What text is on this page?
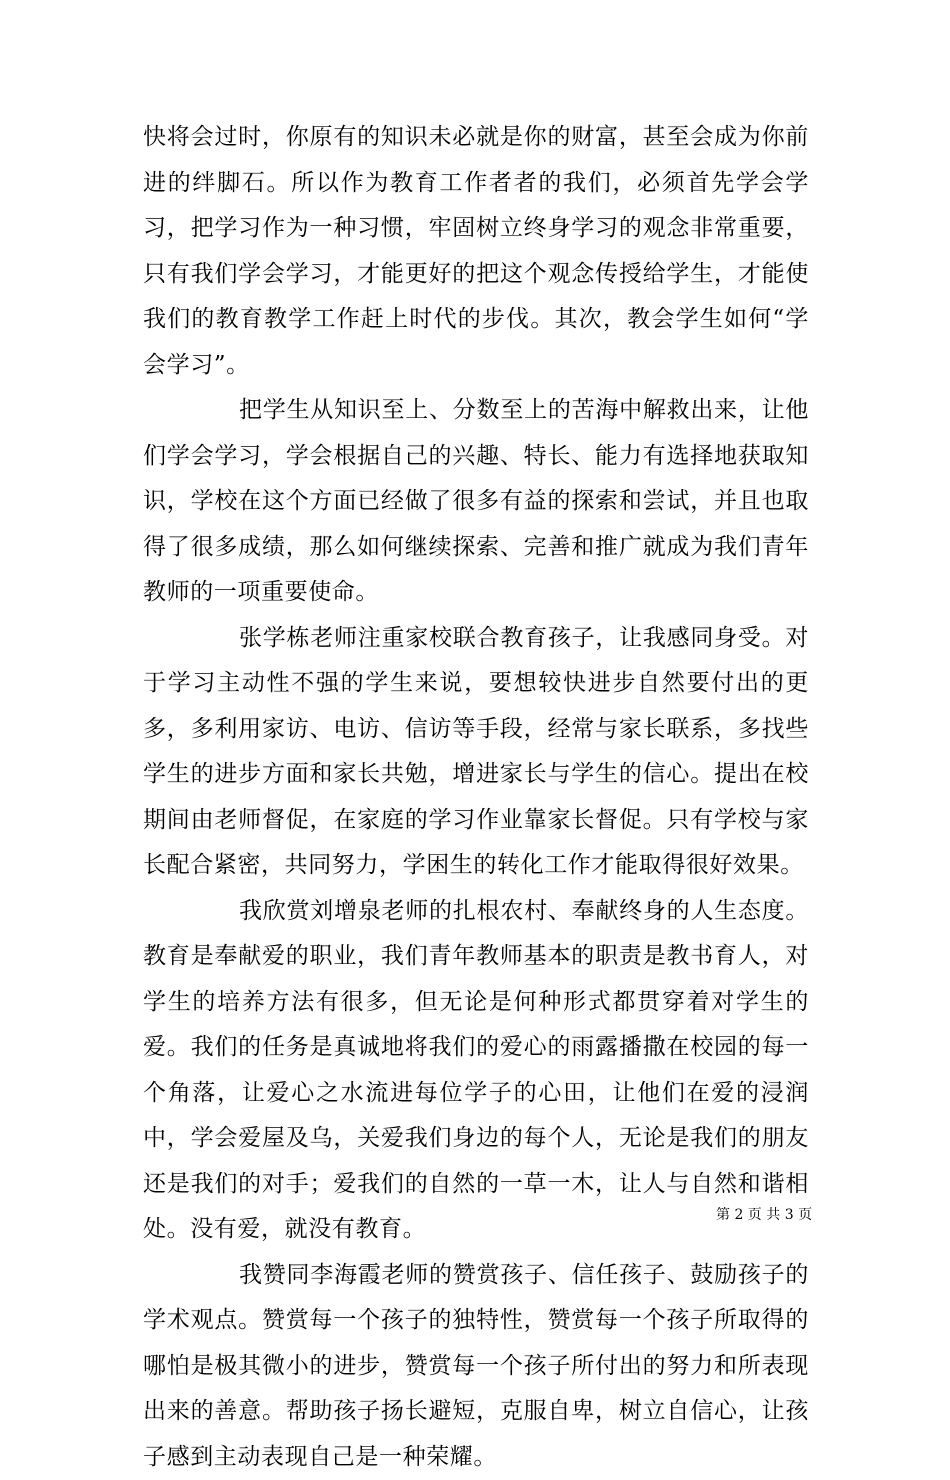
快将会过时，你原有的知识未必就是你的财富，甚至会成为你前进的绊脚石。所以作为教育工作者者的我们，必须首先学会学习，把学习作为一种习惯，牢固树立终身学习的观念非常重要，只有我们学会学习，才能更好的把这个观念传授给学生，才能使我们的教育教学工作赶上时代的步伐。其次，教会学生如何“学会学习”。

把学生从知识至上、分数至上的苦海中解救出来，让他们学会学习，学会根据自己的兴趣、特长、能力有选择地获取知识，学校在这个方面已经做了很多有益的探索和尝试，并且也取得了很多成绩，那么如何继续探索、完善和推广就成为我们青年教师的一项重要使命。

张学栋老师注重家校联合教育孩子，让我感同身受。对于学习主动性不强的学生来说，要想较快进步自然要付出的更多，多利用家访、电访、信访等手段，经常与家长联系，多找些学生的进步方面和家长共勉，增进家长与学生的信心。提出在校期间由老师督促，在家庭的学习作业靠家长督促。只有学校与家长配合紧密，共同努力，学困生的转化工作才能取得很好效果。

我欣赏刘增泉老师的扎根农村、奉献终身的人生态度。教育是奉献爱的职业，我们青年教师基本的职责是教书育人，对学生的培养方法有很多，但无论是何种形式都贯穿着对学生的爱。我们的任务是真诚地将我们的爱心的雨露播撒在校园的每一个角落，让爱心之水流进每位学子的心田，让他们在爱的浸润中，学会爱屋及乌，关爱我们身边的每个人，无论是我们的朋友还是我们的对手；爱我们的自然的一草一木，让人与自然和谐相处。没有爱，就没有教育。

我赞同李海霞老师的赞赏孩子、信任孩子、鼓励孩子的学术观点。赞赏每一个孩子的独特性，赞赏每一个孩子所取得的哪怕是极其微小的进步，赞赏每一个孩子所付出的努力和所表现出来的善意。帮助孩子扬长避短，克服自卑，树立自信心，让孩子感到主动表现自己是一种荣耀。

第 2 页 共 3 页
